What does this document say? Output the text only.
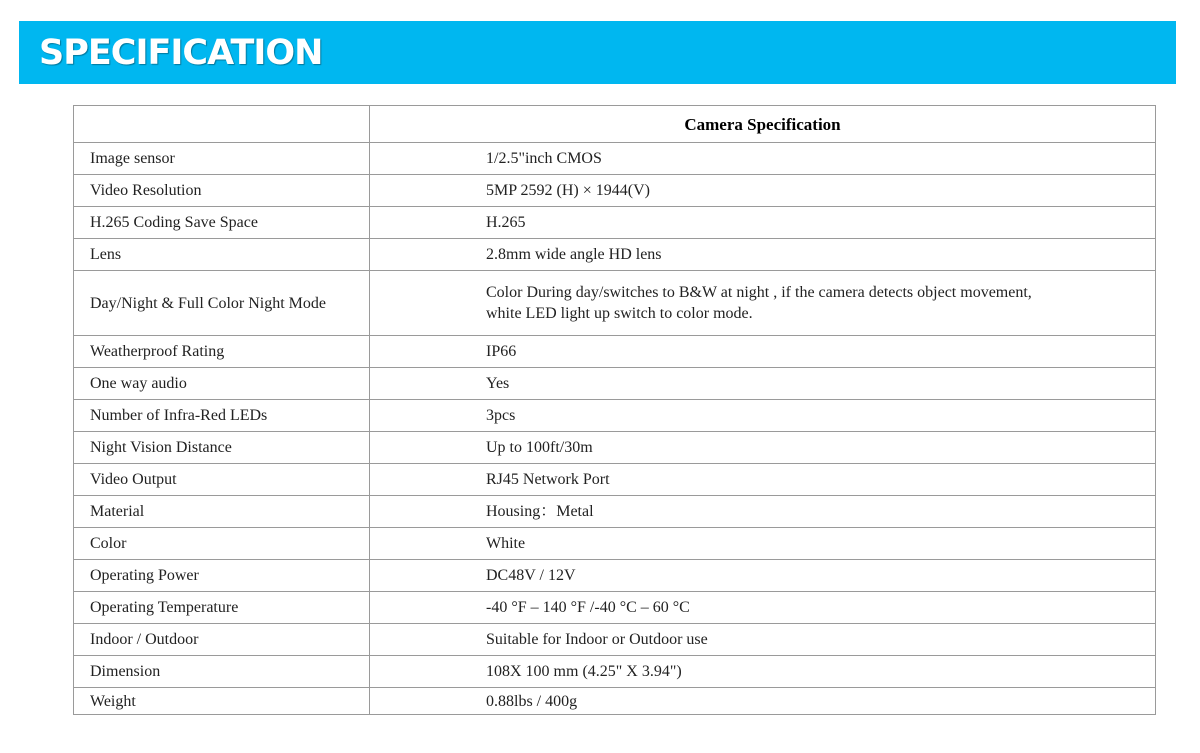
SPECIFICATION
	Camera Specification
Image sensor	1/2.5"inch CMOS
Video Resolution	5MP 2592 (H) × 1944(V)
H.265 Coding Save Space	H.265
Lens	2.8mm wide angle HD lens
Day/Night & Full Color Night Mode	Color During day/switches to B&W at night , if the camera detects object movement,
white LED light up switch to color mode.

Weatherproof Rating	IP66
One way audio	Yes
Number of Infra-Red LEDs	3pcs
Night Vision Distance	Up to 100ft/30m
Video Output	RJ45 Network Port
Material	Housing：Metal
Color	White
Operating Power	DC48V / 12V
Operating Temperature	-40 °F – 140 °F /-40 °C – 60 °C
Indoor / Outdoor	Suitable for Indoor or Outdoor use
Dimension	108X 100 mm (4.25" X 3.94")
Weight	0.88lbs / 400g
